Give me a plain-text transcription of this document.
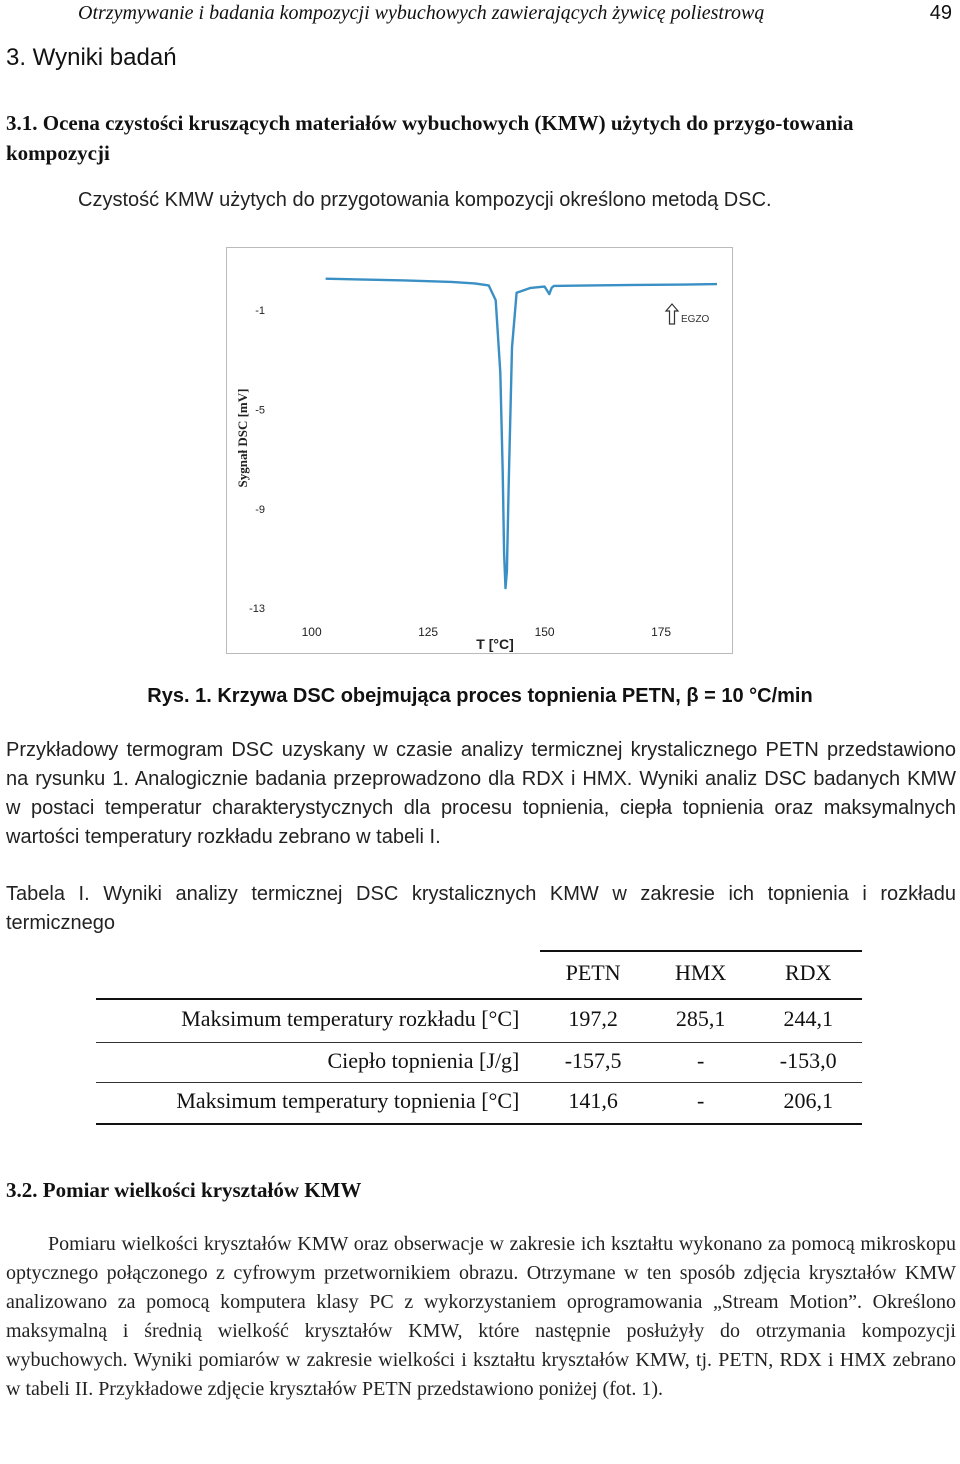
Otrzymywanie i badania kompozycji wybuchowych zawierających żywicę poliestrową	49
3. Wyniki badań
3.1. Ocena czystości kruszących materiałów wybuchowych (KMW) użytych do przygo-towania kompozycji
Czystość KMW użytych do przygotowania kompozycji określono metodą DSC.
-1
-5
-9
-13
100	125	150	175
Sygnał DSC [mV]
T [°C]
EGZO
Rys. 1. Krzywa DSC obejmująca proces topnienia PETN, β = 10 °C/min
Przykładowy termogram DSC uzyskany w czasie analizy termicznej krystalicznego PETN przedstawiono na rysunku 1. Analogicznie badania przeprowadzono dla RDX i HMX. Wyniki analiz DSC badanych KMW w postaci temperatur charakterystycznych dla procesu topnienia, ciepła topnienia oraz maksymalnych wartości temperatury rozkładu zebrano w tabeli I.
Tabela I. Wyniki analizy termicznej DSC krystalicznych KMW w zakresie ich topnienia i rozkładu termicznego
	PETN	HMX	RDX
Maksimum temperatury rozkładu [°C]	197,2	285,1	244,1
Ciepło topnienia [J/g]	-157,5	-	-153,0
Maksimum temperatury topnienia [°C]	141,6	-	206,1
3.2. Pomiar wielkości kryształów KMW
Pomiaru wielkości kryształów KMW oraz obserwacje w zakresie ich kształtu wykonano za pomocą mikroskopu optycznego połączonego z cyfrowym przetwornikiem obrazu. Otrzymane w ten sposób zdjęcia kryształów KMW analizowano za pomocą komputera klasy PC z wykorzystaniem oprogramowania „Stream Motion”. Określono maksymalną i średnią wielkość kryształów KMW, które następnie posłużyły do otrzymania kompozycji wybuchowych. Wyniki pomiarów w zakresie wielkości i kształtu kryształów KMW, tj. PETN, RDX i HMX zebrano w tabeli II. Przykładowe zdjęcie kryształów PETN przedstawiono poniżej (fot. 1).
